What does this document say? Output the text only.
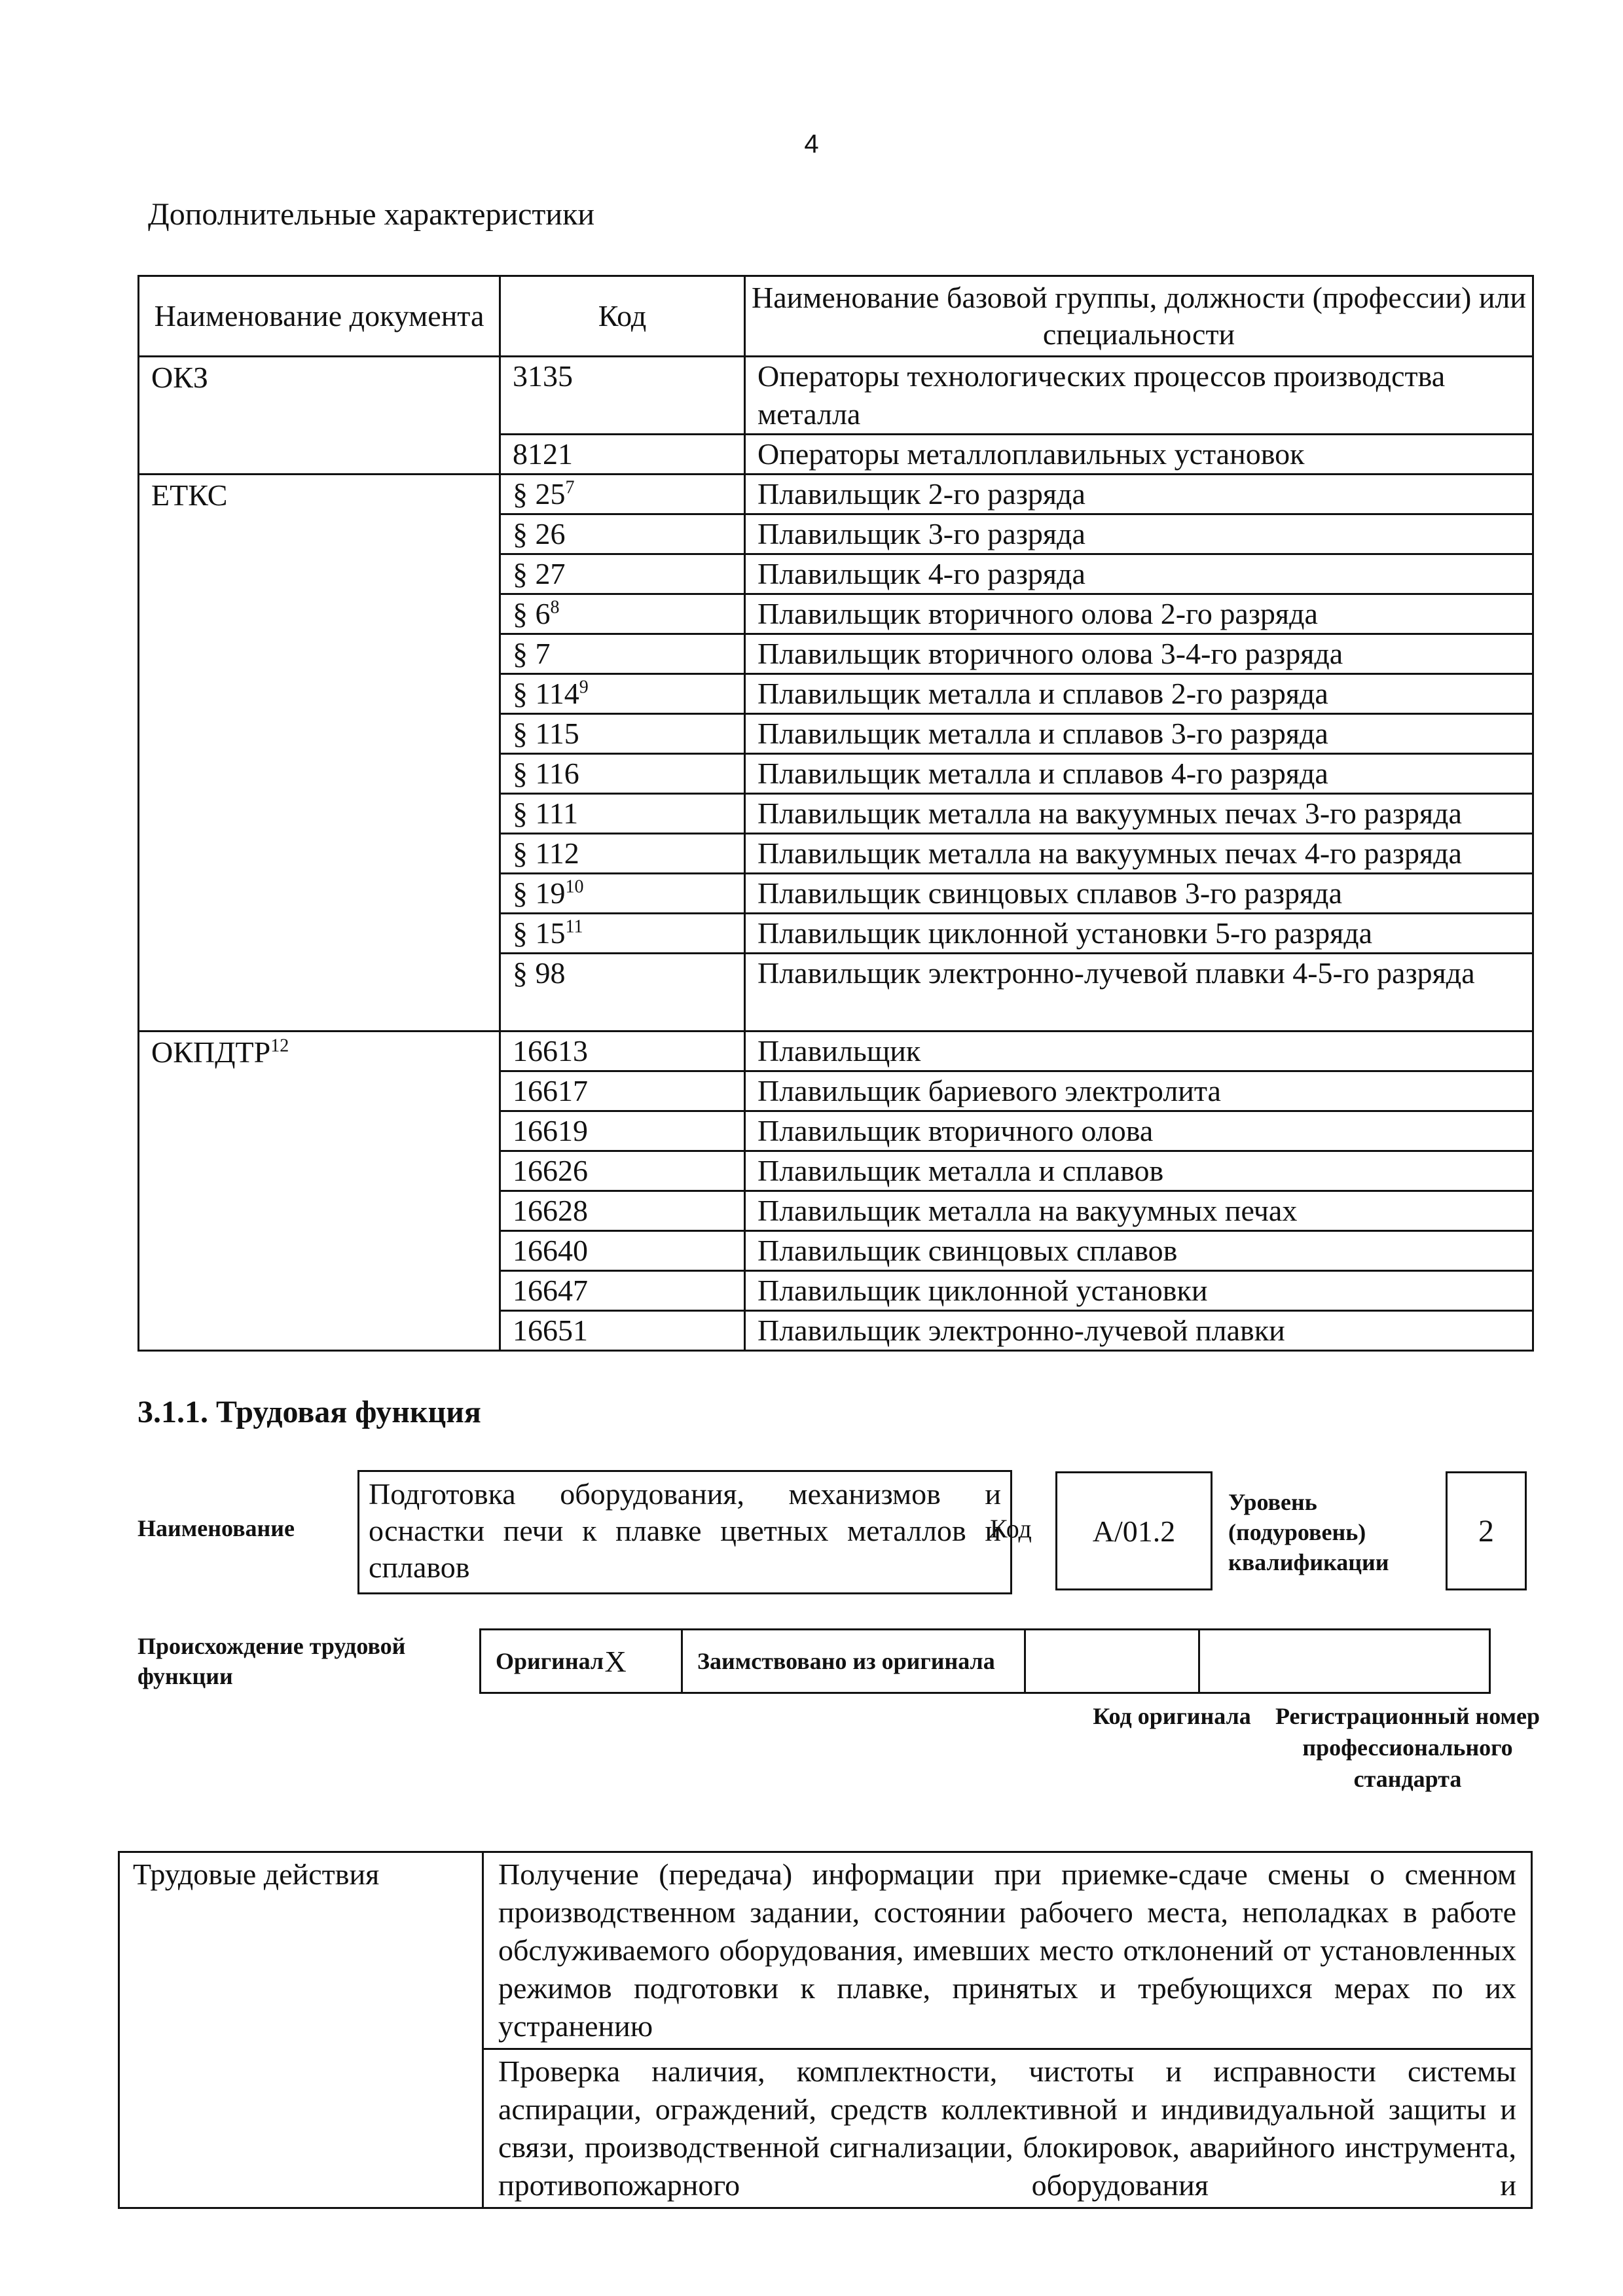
4
Дополнительные характеристики
Наименование документа	Код	Наименование базовой группы, должности (профессии) или специальности
ОКЗ	3135	Операторы технологических процессов производства металла
	8121	Операторы металлоплавильных установок
ЕТКС	§ $25^7$	Плавильщик 2-го разряда
	§ 26	Плавильщик 3-го разряда
	§ 27	Плавильщик 4-го разряда
	§ $6^8$	Плавильщик вторичного олова 2-го разряда
	§ 7	Плавильщик вторичного олова 3-4-го разряда
	§ $114^9$	Плавильщик металла и сплавов 2-го разряда
	§ 115	Плавильщик металла и сплавов 3-го разряда
	§ 116	Плавильщик металла и сплавов 4-го разряда
	§ 111	Плавильщик металла на вакуумных печах 3-го разряда
	§ 112	Плавильщик металла на вакуумных печах 4-го разряда
	§ $19^{10}$	Плавильщик свинцовых сплавов 3-го разряда
	§ $15^{11}$	Плавильщик циклонной установки 5-го разряда
	§ 98	Плавильщик электронно-лучевой плавки 4-5-го разряда
ОКПДТР$^{12}$	16613	Плавильщик
	16617	Плавильщик бариевого электролита
	16619	Плавильщик вторичного олова
	16626	Плавильщик металла и сплавов
	16628	Плавильщик металла на вакуумных печах
	16640	Плавильщик свинцовых сплавов
	16647	Плавильщик циклонной установки
	16651	Плавильщик электронно-лучевой плавки
3.1.1. Трудовая функция
Наименование
Подготовка оборудования, механизмов и оснастки печи к плавке цветных металлов и сплавов
Код	А/01.2
Уровень (подуровень) квалификации
2
Происхождение трудовой функции
Оригинал	X	Заимствовано из оригинала		
Код оригинала	Регистрационный номер профессионального стандарта
Трудовые действия	Получение (передача) информации при приемке-сдаче смены о сменном производственном задании, состоянии рабочего места, неполадках в работе обслуживаемого оборудования, имевших место отклонений от установленных режимов подготовки к плавке, принятых и требующихся мерах по их устранению
Проверка наличия, комплектности, чистоты и исправности системы аспирации, ограждений, средств коллективной и индивидуальной защиты и связи, производственной сигнализации, блокировок, аварийного инструмента, противопожарного оборудования и
